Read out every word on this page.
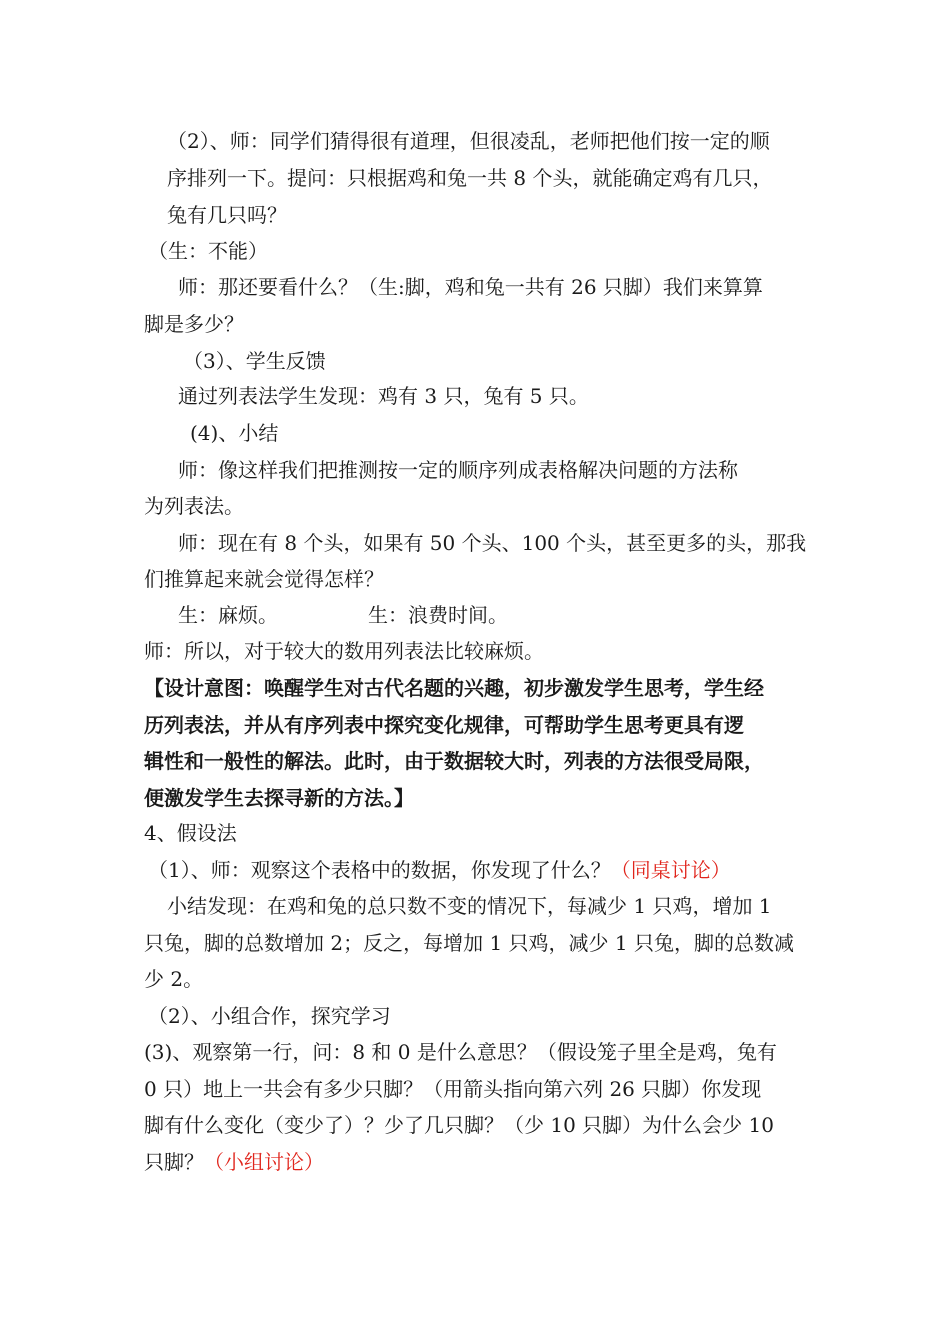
（2）、师：同学们猜得很有道理，但很凌乱，老师把他们按一定的顺
序排列一下。提问：只根据鸡和兔一共 8 个头，就能确定鸡有几只，
兔有几只吗？
（生：不能）
师：那还要看什么？（生:脚，鸡和兔一共有 26 只脚）我们来算算
脚是多少？
（3）、学生反馈
通过列表法学生发现：鸡有 3 只，兔有 5 只。
(4)、小结
师：像这样我们把推测按一定的顺序列成表格解决问题的方法称
为列表法。
师：现在有 8 个头，如果有 50 个头、100 个头，甚至更多的头，那我
们推算起来就会觉得怎样？
生：麻烦。	生：浪费时间。
师：所以，对于较大的数用列表法比较麻烦。
【设计意图：唤醒学生对古代名题的兴趣，初步激发学生思考，学生经
历列表法，并从有序列表中探究变化规律，可帮助学生思考更具有逻
辑性和一般性的解法。此时，由于数据较大时，列表的方法很受局限，
便激发学生去探寻新的方法。】
4、假设法
（1）、师：观察这个表格中的数据，你发现了什么？（同桌讨论）
小结发现：在鸡和兔的总只数不变的情况下，每减少 1 只鸡，增加 1
只兔，脚的总数增加 2；反之，每增加 1 只鸡，减少 1 只兔，脚的总数减
少 2。
（2）、小组合作，探究学习
(3)、观察第一行，问：8 和 0 是什么意思？（假设笼子里全是鸡，兔有
0 只）地上一共会有多少只脚？（用箭头指向第六列 26 只脚）你发现
脚有什么变化（变少了）？少了几只脚？（少 10 只脚）为什么会少 10
只脚？（小组讨论）
